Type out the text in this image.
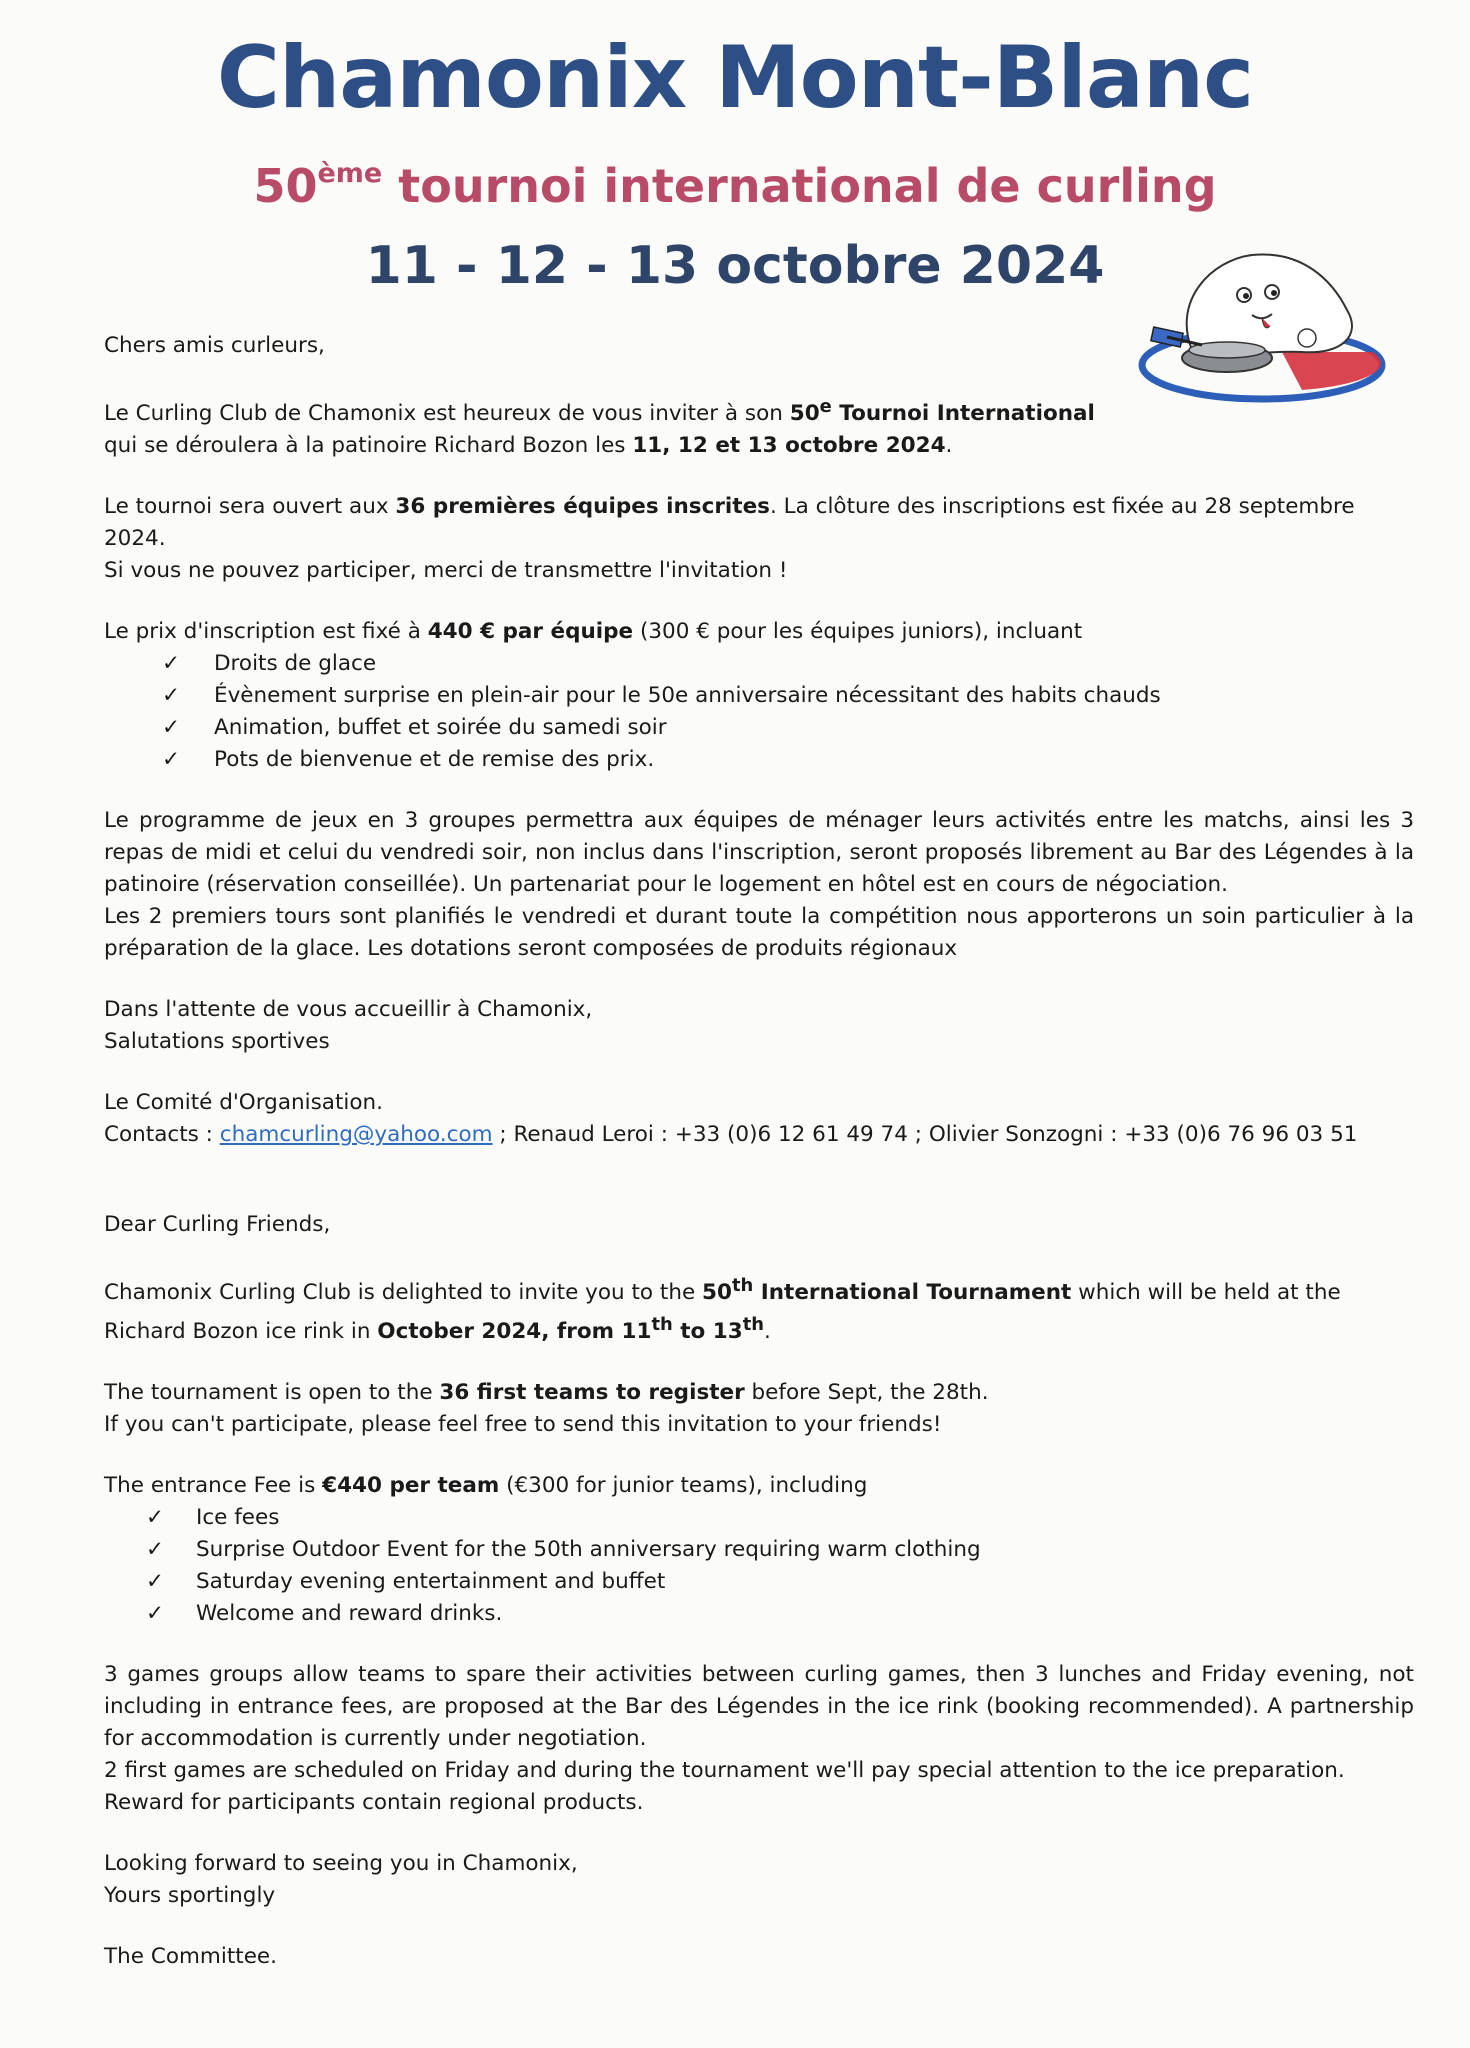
Chamonix Mont-Blanc
50ème tournoi international de curling
11 - 12 - 13 octobre 2024

Chers amis curleurs,

Le Curling Club de Chamonix est heureux de vous inviter à son 50e Tournoi International qui se déroulera à la patinoire Richard Bozon les 11, 12 et 13 octobre 2024.

Le tournoi sera ouvert aux 36 premières équipes inscrites. La clôture des inscriptions est fixée au 28 septembre 2024.

Si vous ne pouvez participer, merci de transmettre l'invitation !

Le prix d'inscription est fixé à 440 € par équipe (300 € pour les équipes juniors), incluant

✓ Droits de glace
✓ Évènement surprise en plein-air pour le 50e anniversaire nécessitant des habits chauds
✓ Animation, buffet et soirée du samedi soir
✓ Pots de bienvenue et de remise des prix.

Le programme de jeux en 3 groupes permettra aux équipes de ménager leurs activités entre les matchs, ainsi les 3 repas de midi et celui du vendredi soir, non inclus dans l'inscription, seront proposés librement au Bar des Légendes à la patinoire (réservation conseillée). Un partenariat pour le logement en hôtel est en cours de négociation.

Les 2 premiers tours sont planifiés le vendredi et durant toute la compétition nous apporterons un soin particulier à la préparation de la glace. Les dotations seront composées de produits régionaux

Dans l'attente de vous accueillir à Chamonix,

Salutations sportives

Le Comité d'Organisation.

Contacts : chamcurling@yahoo.com ; Renaud Leroi : +33 (0)6 12 61 49 74 ; Olivier Sonzogni : +33 (0)6 76 96 03 51

Dear Curling Friends,

Chamonix Curling Club is delighted to invite you to the 50th International Tournament which will be held at the Richard Bozon ice rink in October 2024, from 11th to 13th.

The tournament is open to the 36 first teams to register before Sept, the 28th.

If you can't participate, please feel free to send this invitation to your friends!

The entrance Fee is €440 per team (€300 for junior teams), including

✓ Ice fees
✓ Surprise Outdoor Event for the 50th anniversary requiring warm clothing
✓ Saturday evening entertainment and buffet
✓ Welcome and reward drinks.

3 games groups allow teams to spare their activities between curling games, then 3 lunches and Friday evening, not including in entrance fees, are proposed at the Bar des Légendes in the ice rink (booking recommended). A partnership for accommodation is currently under negotiation.

2 first games are scheduled on Friday and during the tournament we'll pay special attention to the ice preparation.

Reward for participants contain regional products.

Looking forward to seeing you in Chamonix,

Yours sportingly

The Committee.
